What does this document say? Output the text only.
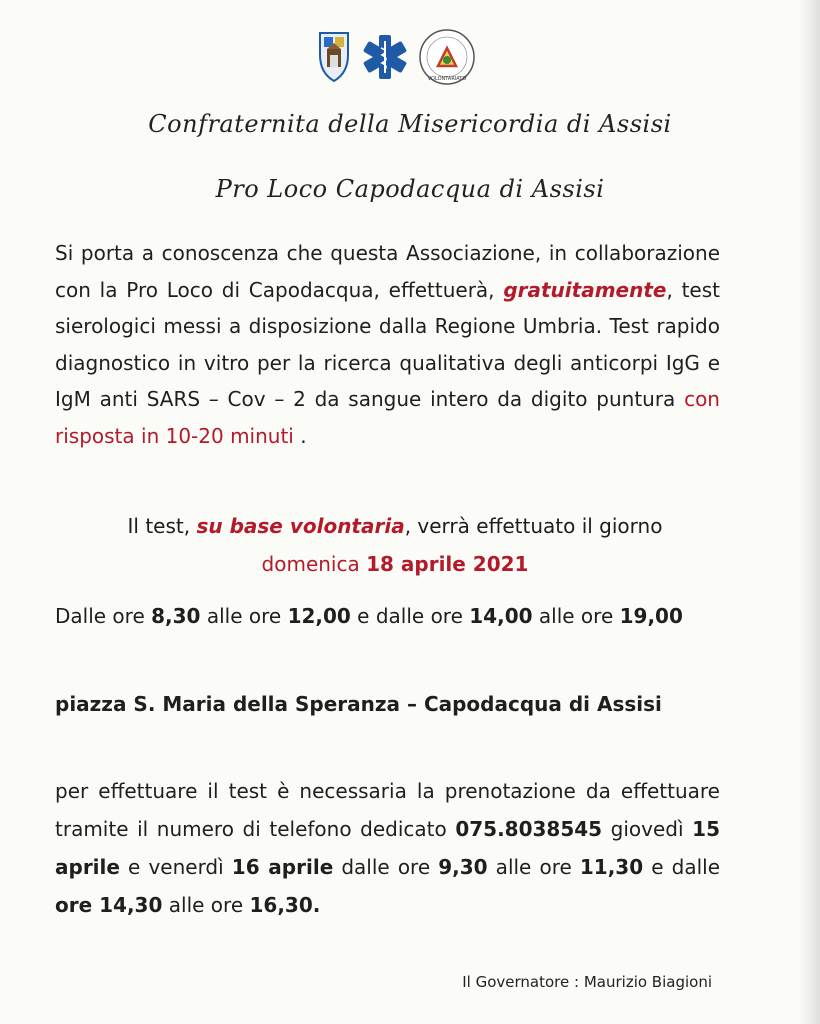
VOLONTARIATO
Confraternita della Misericordia di Assisi
Pro Loco Capodacqua di Assisi
Si porta a conoscenza che questa Associazione, in collaborazione con la Pro Loco di Capodacqua, effettuerà, gratuitamente, test sierologici messi a disposizione dalla Regione Umbria. Test rapido diagnostico in vitro per la ricerca qualitativa degli anticorpi IgG e IgM anti SARS – Cov – 2 da sangue intero da digito puntura con risposta in 10-20 minuti .
Il test, su base volontaria, verrà effettuato il giorno
domenica 18 aprile 2021
Dalle ore 8,30 alle ore 12,00 e dalle ore 14,00 alle ore 19,00
piazza S. Maria della Speranza – Capodacqua di Assisi
per effettuare il test è necessaria la prenotazione da effettuare tramite il numero di telefono dedicato 075.8038545 giovedì 15 aprile e venerdì 16 aprile dalle ore 9,30 alle ore 11,30 e dalle ore 14,30 alle ore 16,30.
Il Governatore : Maurizio Biagioni
